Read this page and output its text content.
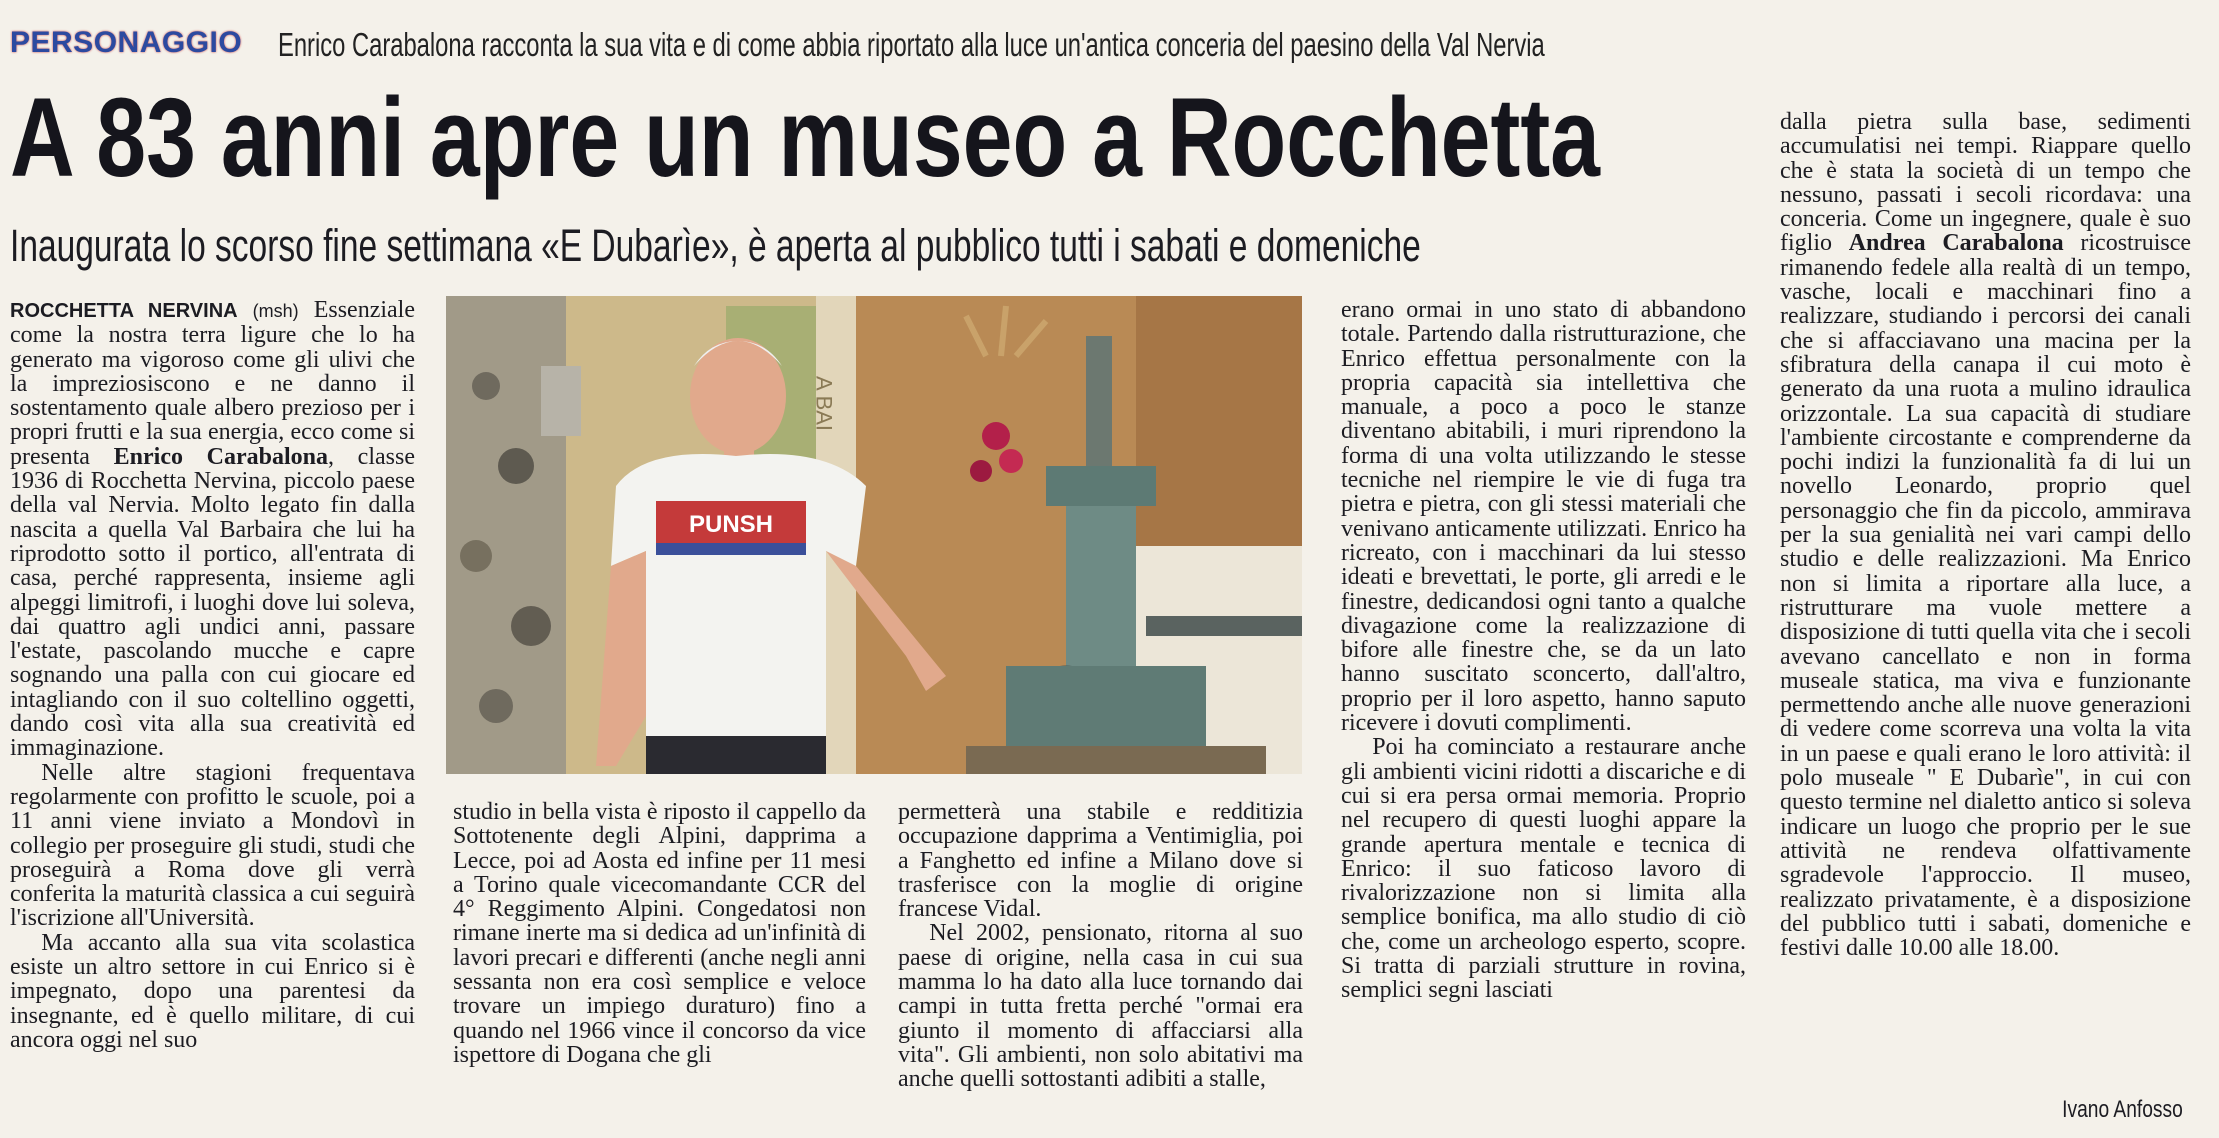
PERSONAGGIO Enrico Carabalona racconta la sua vita e di come abbia riportato alla luce un'antica conceria del paesino della Val Nervia
A 83 anni apre un museo a Rocchetta
Inaugurata lo scorso fine settimana «E Dubarìe», è aperta al pubblico tutti i sabati e domeniche
A BAI
PUNSH

ROCCHETTA NERVINA (msh) Essenziale come la nostra terra ligure che lo ha generato ma vigoroso come gli ulivi che la impreziosiscono e ne danno il sostentamento quale albero prezioso per i propri frutti e la sua energia, ecco come si presenta Enrico Carabalona, classe 1936 di Rocchetta Nervina, piccolo paese della val Nervia. Molto legato fin dalla nascita a quella Val Barbaira che lui ha riprodotto sotto il portico, all'entrata di casa, perché rappresenta, insieme agli alpeggi limitrofi, i luoghi dove lui soleva, dai quattro agli undici anni, passare l'estate, pascolando mucche e capre sognando una palla con cui giocare ed intagliando con il suo coltellino oggetti, dando così vita alla sua creatività ed immaginazione.

Nelle altre stagioni frequentava regolarmente con profitto le scuole, poi a 11 anni viene inviato a Mondovì in collegio per proseguire gli studi, studi che proseguirà a Roma dove gli verrà conferita la maturità classica a cui seguirà l'iscrizione all'Università.

Ma accanto alla sua vita scolastica esiste un altro settore in cui Enrico si è impegnato, dopo una parentesi da insegnante, ed è quello militare, di cui ancora oggi nel suo

studio in bella vista è riposto il cappello da Sottotenente degli Alpini, dapprima a Lecce, poi ad Aosta ed infine per 11 mesi a Torino quale vicecomandante CCR del 4° Reggimento Alpini. Congedatosi non rimane inerte ma si dedica ad un'infinità di lavori precari e differenti (anche negli anni sessanta non era così semplice e veloce trovare un impiego duraturo) fino a quando nel 1966 vince il concorso da vice ispettore di Dogana che gli

permetterà una stabile e redditizia occupazione dapprima a Ventimiglia, poi a Fanghetto ed infine a Milano dove si trasferisce con la moglie di origine francese Vidal.

Nel 2002, pensionato, ritorna al suo paese di origine, nella casa in cui sua mamma lo ha dato alla luce tornando dai campi in tutta fretta perché "ormai era giunto il momento di affacciarsi alla vita". Gli ambienti, non solo abitativi ma anche quelli sottostanti adibiti a stalle,

erano ormai in uno stato di abbandono totale. Partendo dalla ristrutturazione, che Enrico effettua personalmente con la propria capacità sia intellettiva che manuale, a poco a poco le stanze diventano abitabili, i muri riprendono la forma di una volta utilizzando le stesse tecniche nel riempire le vie di fuga tra pietra e pietra, con gli stessi materiali che venivano anticamente utilizzati. Enrico ha ricreato, con i macchinari da lui stesso ideati e brevettati, le porte, gli arredi e le finestre, dedicandosi ogni tanto a qualche divagazione come la realizzazione di bifore alle finestre che, se da un lato hanno suscitato sconcerto, dall'altro, proprio per il loro aspetto, hanno saputo ricevere i dovuti complimenti.

Poi ha cominciato a restaurare anche gli ambienti vicini ridotti a discariche e di cui si era persa ormai memoria. Proprio nel recupero di questi luoghi appare la grande apertura mentale e tecnica di Enrico: il suo faticoso lavoro di rivalorizzazione non si limita alla semplice bonifica, ma allo studio di ciò che, come un archeologo esperto, scopre. Si tratta di parziali strutture in rovina, semplici segni lasciati

dalla pietra sulla base, sedimenti accumulatisi nei tempi. Riappare quello che è stata la società di un tempo che nessuno, passati i secoli ricordava: una conceria. Come un ingegnere, quale è suo figlio Andrea Carabalona ricostruisce rimanendo fedele alla realtà di un tempo, vasche, locali e macchinari fino a realizzare, studiando i percorsi dei canali che si affacciavano una macina per la sfibratura della canapa il cui moto è generato da una ruota a mulino idraulica orizzontale. La sua capacità di studiare l'ambiente circostante e comprenderne da pochi indizi la funzionalità fa di lui un novello Leonardo, proprio quel personaggio che fin da piccolo, ammirava per la sua genialità nei vari campi dello studio e delle realizzazioni. Ma Enrico non si limita a riportare alla luce, a ristrutturare ma vuole mettere a disposizione di tutti quella vita che i secoli avevano cancellato e non in forma museale statica, ma viva e funzionante permettendo anche alle nuove generazioni di vedere come scorreva una volta la vita in un paese e quali erano le loro attività: il polo museale " E Dubarìe", in cui con questo termine nel dialetto antico si soleva indicare un luogo che proprio per le sue attività ne rendeva olfattivamente sgradevole l'approccio. Il museo, realizzato privatamente, è a disposizione del pubblico tutti i sabati, domeniche e festivi dalle 10.00 alle 18.00.

Ivano Anfosso
